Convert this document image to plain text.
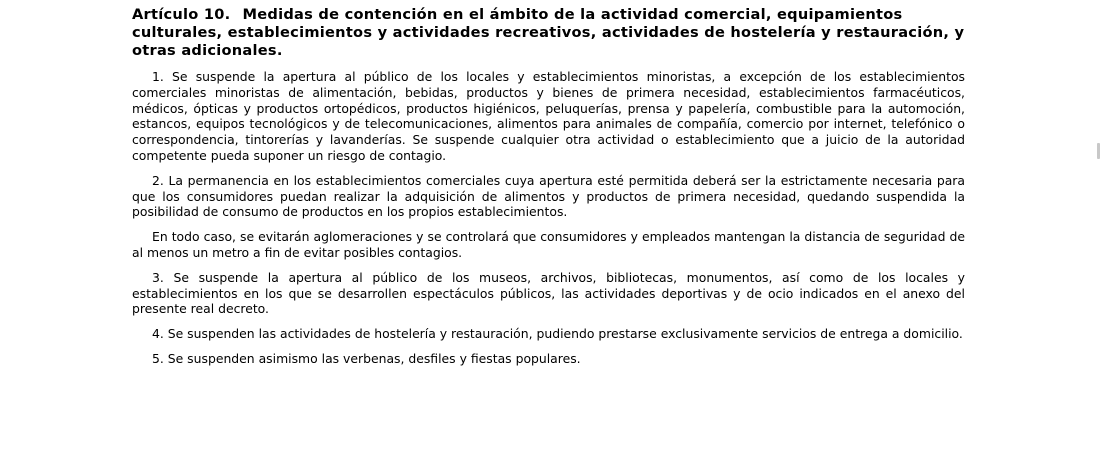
Artículo 10. Medidas de contención en el ámbito de la actividad comercial, equipamientos culturales, establecimientos y actividades recreativos, actividades de hostelería y restauración, y otras adicionales.

1. Se suspende la apertura al público de los locales y establecimientos minoristas, a excepción de los establecimientos comerciales minoristas de alimentación, bebidas, productos y bienes de primera necesidad, establecimientos farmacéuticos, médicos, ópticas y productos ortopédicos, productos higiénicos, peluquerías, prensa y papelería, combustible para la automoción, estancos, equipos tecnológicos y de telecomunicaciones, alimentos para animales de compañía, comercio por internet, telefónico o correspondencia, tintorerías y lavanderías. Se suspende cualquier otra actividad o establecimiento que a juicio de la autoridad competente pueda suponer un riesgo de contagio.

2. La permanencia en los establecimientos comerciales cuya apertura esté permitida deberá ser la estrictamente necesaria para que los consumidores puedan realizar la adquisición de alimentos y productos de primera necesidad, quedando suspendida la posibilidad de consumo de productos en los propios establecimientos.

En todo caso, se evitarán aglomeraciones y se controlará que consumidores y empleados mantengan la distancia de seguridad de al menos un metro a fin de evitar posibles contagios.

3. Se suspende la apertura al público de los museos, archivos, bibliotecas, monumentos, así como de los locales y establecimientos en los que se desarrollen espectáculos públicos, las actividades deportivas y de ocio indicados en el anexo del presente real decreto.

4. Se suspenden las actividades de hostelería y restauración, pudiendo prestarse exclusivamente servicios de entrega a domicilio.

5. Se suspenden asimismo las verbenas, desfiles y fiestas populares.
